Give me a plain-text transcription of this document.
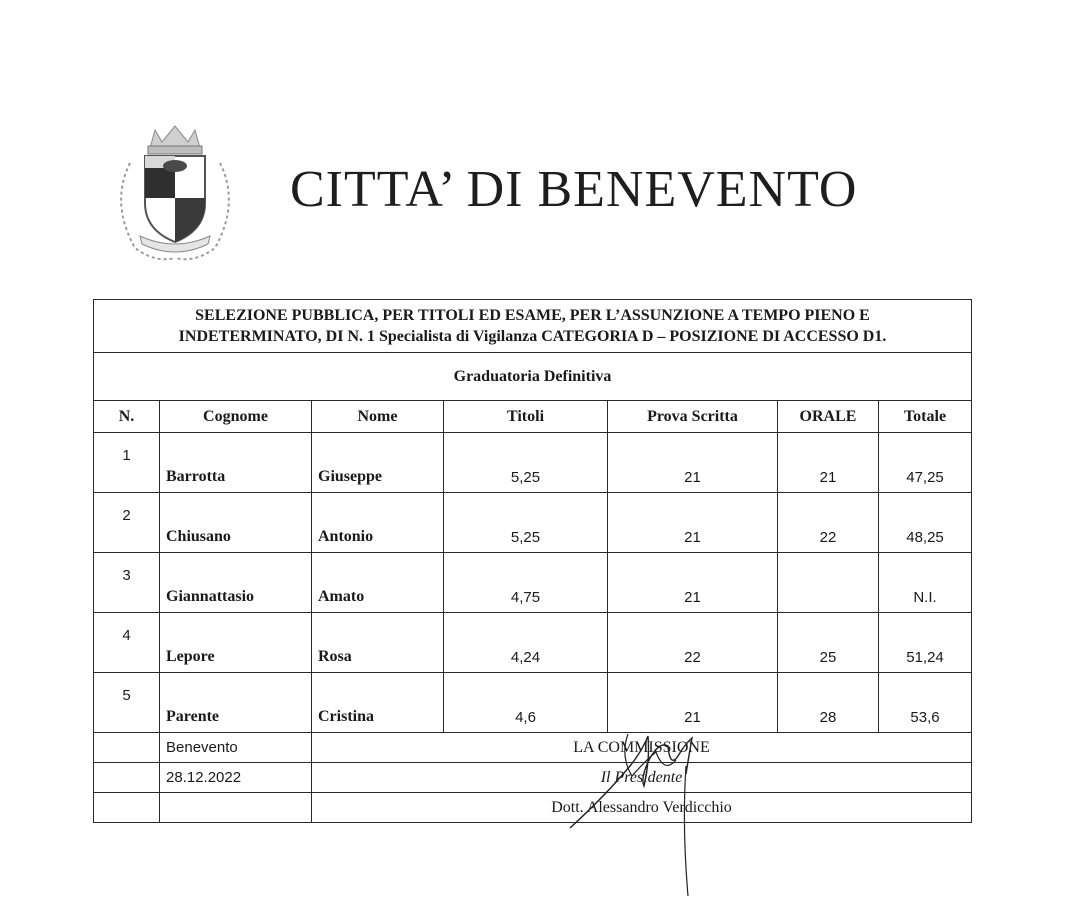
CITTA’ DI BENEVENTO
SELEZIONE PUBBLICA, PER TITOLI ED ESAME, PER L’ASSUNZIONE A TEMPO PIENO E
INDETERMINATO, DI N. 1 Specialista di Vigilanza CATEGORIA D – POSIZIONE DI ACCESSO D1.						

Graduatoria Definitiva						
N.	Cognome	Nome	Titoli	Prova Scritta	ORALE	Totale
1	Barrotta	Giuseppe	5,25	21	21	47,25
2	Chiusano	Antonio	5,25	21	22	48,25
3	Giannattasio	Amato	4,75	21		N.I.
4	Lepore	Rosa	4,24	22	25	51,24
5	Parente	Cristina	4,6	21	28	53,6
	Benevento	LA COMMISSIONE				
	28.12.2022	Il Presidente				
		Dott. Alessandro Verdicchio				
